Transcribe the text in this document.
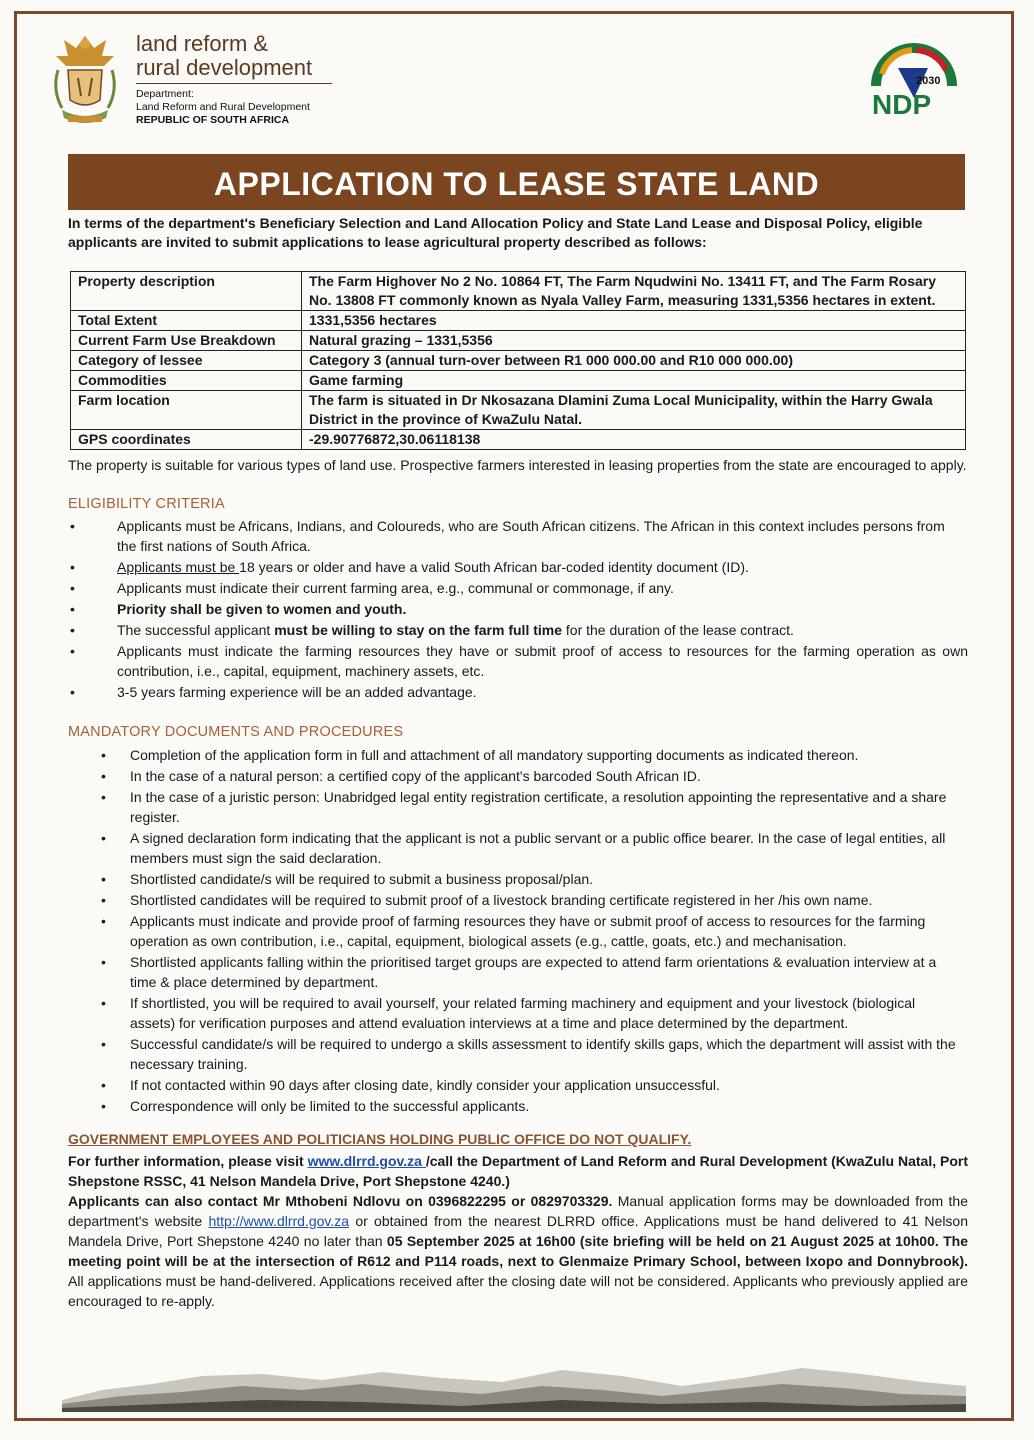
land reform &

rural development
Department:
Land Reform and Rural Development
REPUBLIC OF SOUTH AFRICA
2030
NDP
APPLICATION TO LEASE STATE LAND
In terms of the department's Beneficiary Selection and Land Allocation Policy and State Land Lease and Disposal Policy, eligible applicants are invited to submit applications to lease agricultural property described as follows:
Property description	The Farm Highover No 2 No. 10864 FT, The Farm Nqudwini No. 13411 FT, and The Farm Rosary No. 13808 FT commonly known as Nyala Valley Farm, measuring 1331,5356 hectares in extent.
Total Extent	1331,5356 hectares
Current Farm Use Breakdown	Natural grazing – 1331,5356
Category of lessee	Category 3 (annual turn-over between R1 000 000.00 and R10 000 000.00)
Commodities	Game farming
Farm location	The farm is situated in Dr Nkosazana Dlamini Zuma Local Municipality, within the Harry Gwala District in the province of KwaZulu Natal.
GPS coordinates	-29.90776872,30.06118138
The property is suitable for various types of land use. Prospective farmers interested in leasing properties from the state are encouraged to apply.
ELIGIBILITY CRITERIA
•	Applicants must be Africans, Indians, and Coloureds, who are South African citizens. The African in this context includes persons from the first nations of South Africa.
•	Applicants must be 18 years or older and have a valid South African bar-coded identity document (ID).
•	Applicants must indicate their current farming area, e.g., communal or commonage, if any.
•	Priority shall be given to women and youth.
•	The successful applicant must be willing to stay on the farm full time for the duration of the lease contract.
•	Applicants must indicate the farming resources they have or submit proof of access to resources for the farming operation as own contribution, i.e., capital, equipment, machinery assets, etc.
•	3-5 years farming experience will be an added advantage.
MANDATORY DOCUMENTS AND PROCEDURES
• Completion of the application form in full and attachment of all mandatory supporting documents as indicated thereon.
• In the case of a natural person: a certified copy of the applicant's barcoded South African ID.
• In the case of a juristic person: Unabridged legal entity registration certificate, a resolution appointing the representative and a share register.
• A signed declaration form indicating that the applicant is not a public servant or a public office bearer. In the case of legal entities, all members must sign the said declaration.
• Shortlisted candidate/s will be required to submit a business proposal/plan.
• Shortlisted candidates will be required to submit proof of a livestock branding certificate registered in her /his own name.
• Applicants must indicate and provide proof of farming resources they have or submit proof of access to resources for the farming operation as own contribution, i.e., capital, equipment, biological assets (e.g., cattle, goats, etc.) and mechanisation.
• Shortlisted applicants falling within the prioritised target groups are expected to attend farm orientations & evaluation interview at a time & place determined by department.
• If shortlisted, you will be required to avail yourself, your related farming machinery and equipment and your livestock (biological assets) for verification purposes and attend evaluation interviews at a time and place determined by the department.
• Successful candidate/s will be required to undergo a skills assessment to identify skills gaps, which the department will assist with the necessary training.
• If not contacted within 90 days after closing date, kindly consider your application unsuccessful.
• Correspondence will only be limited to the successful applicants.
GOVERNMENT EMPLOYEES AND POLITICIANS HOLDING PUBLIC OFFICE DO NOT QUALIFY.
For further information, please visit www.dlrrd.gov.za /call the Department of Land Reform and Rural Development (KwaZulu Natal, Port Shepstone RSSC, 41 Nelson Mandela Drive, Port Shepstone 4240.)
Applicants can also contact Mr Mthobeni Ndlovu on 0396822295 or 0829703329. Manual application forms may be downloaded from the department's website http://www.dlrrd.gov.za or obtained from the nearest DLRRD office. Applications must be hand delivered to 41 Nelson Mandela Drive, Port Shepstone 4240 no later than 05 September 2025 at 16h00 (site briefing will be held on 21 August 2025 at 10h00. The meeting point will be at the intersection of R612 and P114 roads, next to Glenmaize Primary School, between Ixopo and Donnybrook). All applications must be hand-delivered. Applications received after the closing date will not be considered. Applicants who previously applied are encouraged to re-apply.
